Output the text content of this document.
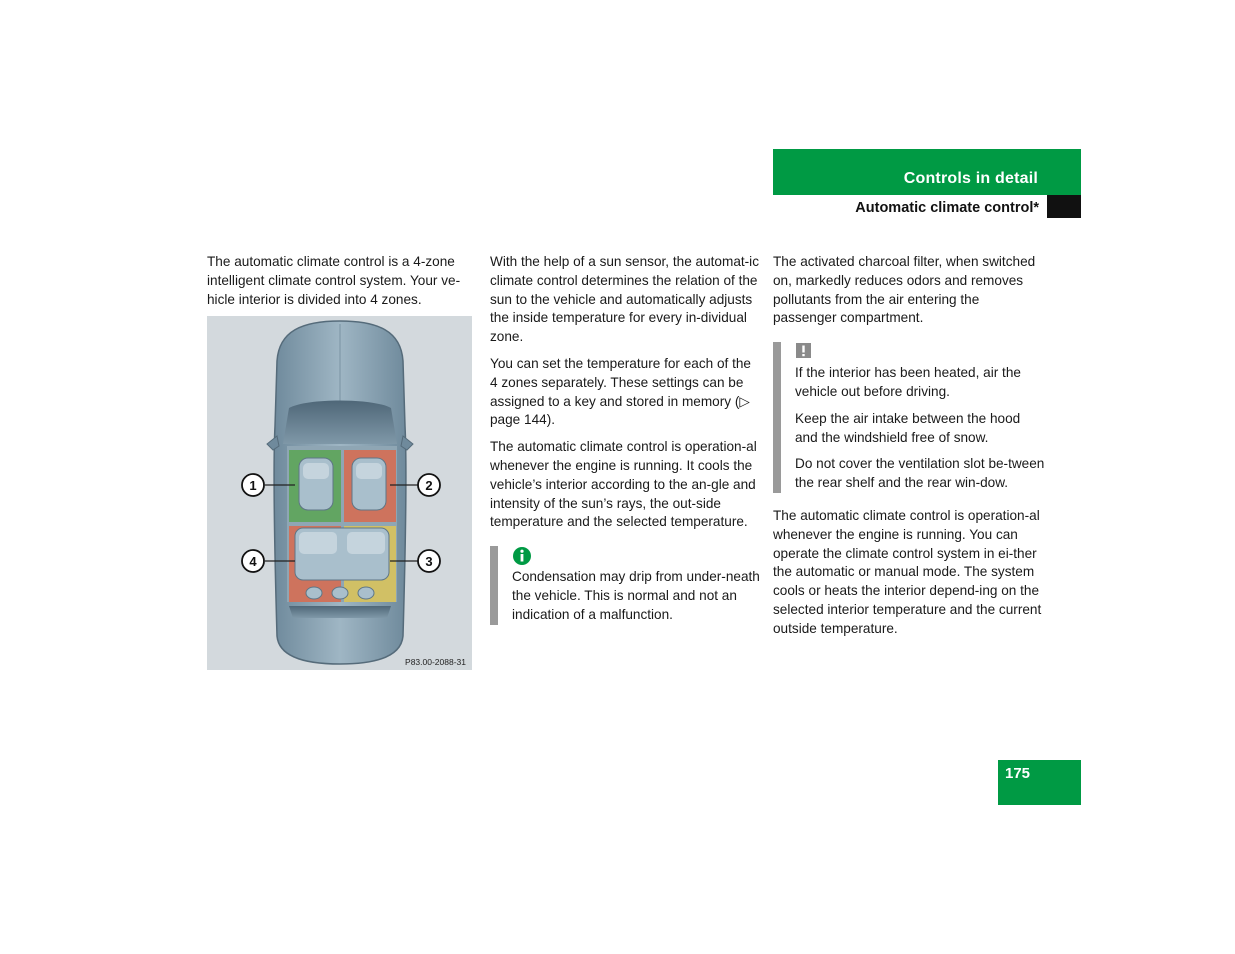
Controls in detail
Automatic climate control*

The automatic climate control is a 4-zone intelligent climate control system. Your ve-hicle interior is divided into 4 zones.

1	2
3
4
P83.00-2088-31

With the help of a sun sensor, the automat-ic climate control determines the relation of the sun to the vehicle and automatically adjusts the inside temperature for every in-dividual zone.

You can set the temperature for each of the 4 zones separately. These settings can be assigned to a key and stored in memory (▷ page 144).

The automatic climate control is operation-al whenever the engine is running. It cools the vehicle’s interior according to the an-gle and intensity of the sun’s rays, the out-side temperature and the selected temperature.

Condensation may drip from under-neath the vehicle. This is normal and not an indication of a malfunction.

The activated charcoal filter, when switched on, markedly reduces odors and removes pollutants from the air entering the passenger compartment.

If the interior has been heated, air the vehicle out before driving.

Keep the air intake between the hood and the windshield free of snow.

Do not cover the ventilation slot be-tween the rear shelf and the rear win-dow.

The automatic climate control is operation-al whenever the engine is running. You can operate the climate control system in ei-ther the automatic or manual mode. The system cools or heats the interior depend-ing on the selected interior temperature and the current outside temperature.

175
